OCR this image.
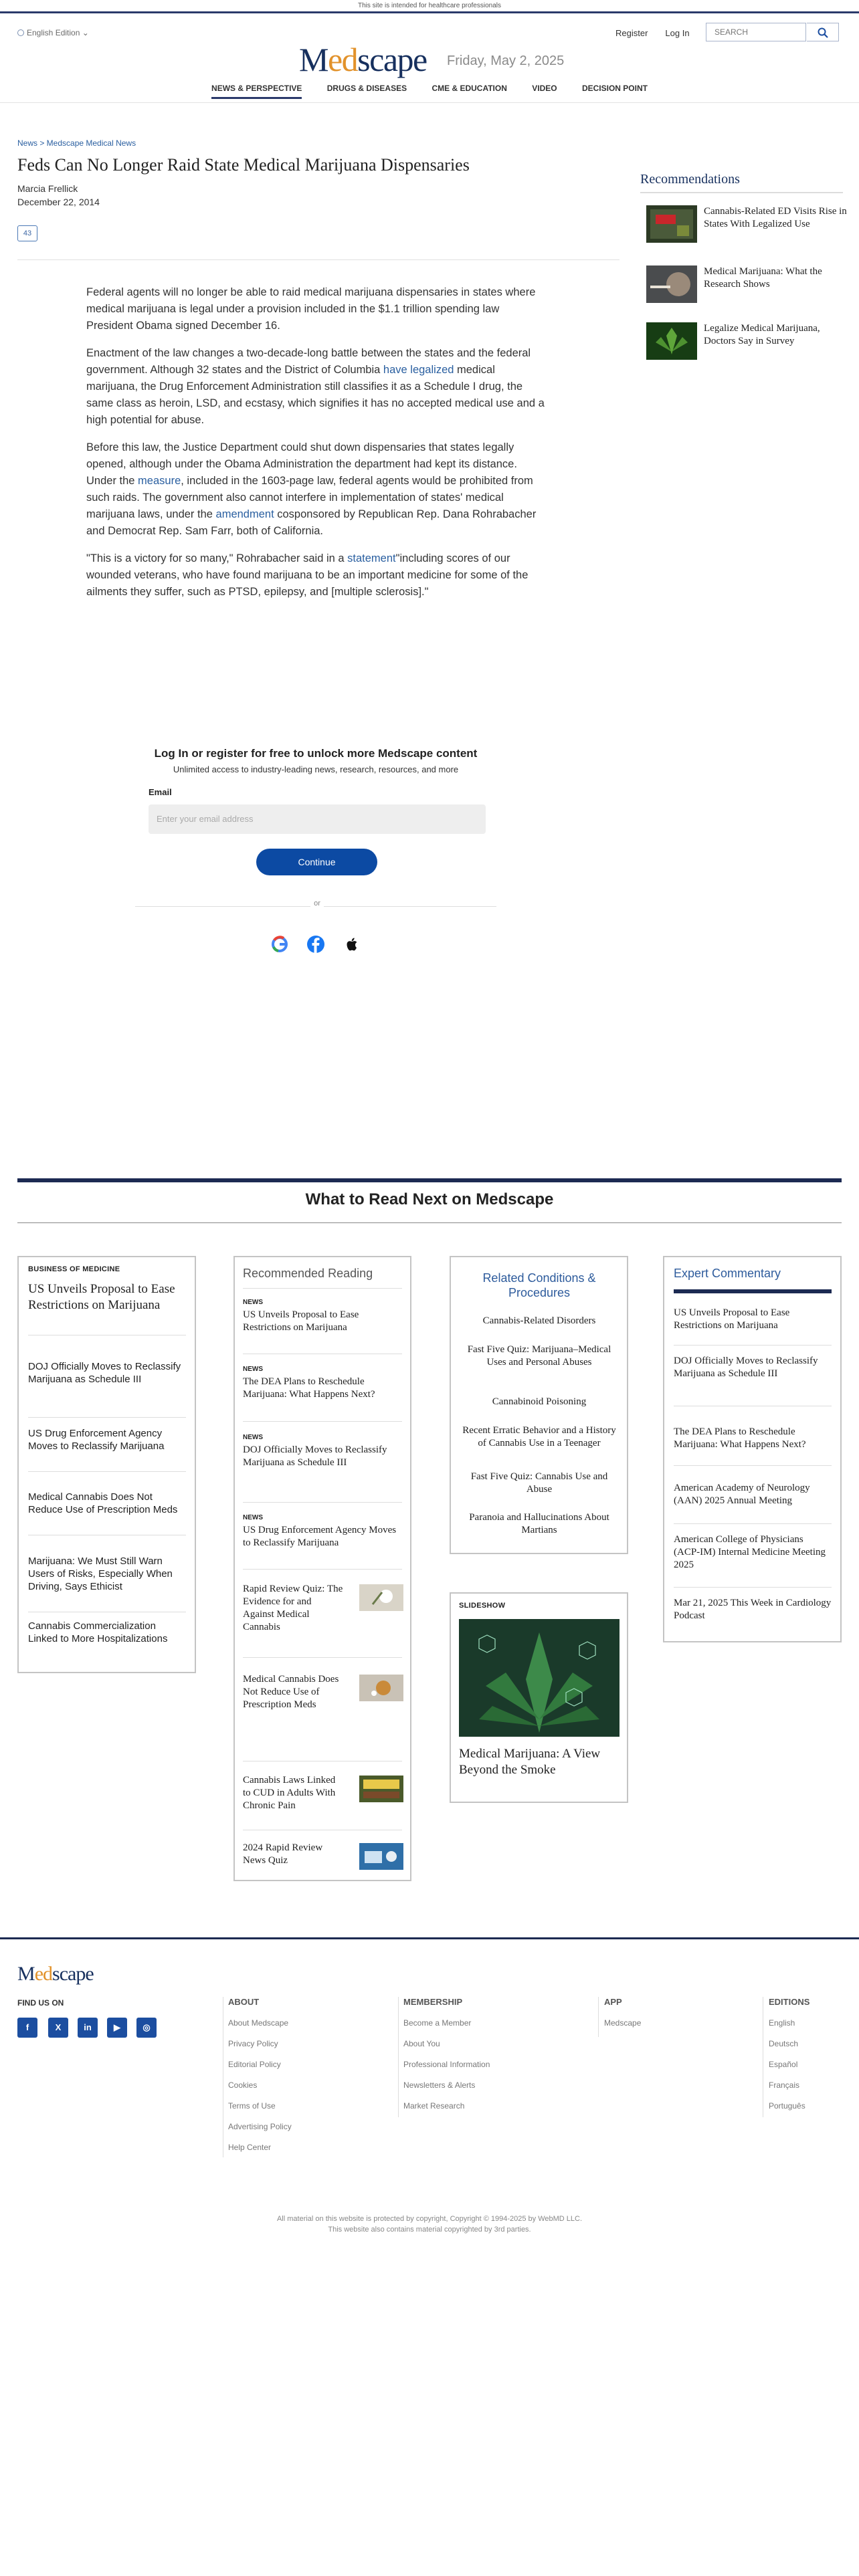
This site is intended for healthcare professionals
English Edition ⌄
Medscape Friday, May 2, 2025
Register Log In	SEARCH
NEWS & PERSPECTIVE	DRUGS & DISEASES	CME & EDUCATION	VIDEO	DECISION POINT
News > Medscape Medical News
Feds Can No Longer Raid State Medical Marijuana Dispensaries
Marcia Frellick
December 22, 2014
43

Federal agents will no longer be able to raid medical marijuana dispensaries in states where medical marijuana is legal under a provision included in the $1.1 trillion spending law President Obama signed December 16.

Enactment of the law changes a two-decade-long battle between the states and the federal government. Although 32 states and the District of Columbia have legalized medical marijuana, the Drug Enforcement Administration still classifies it as a Schedule I drug, the same class as heroin, LSD, and ecstasy, which signifies it has no accepted medical use and a high potential for abuse.

Before this law, the Justice Department could shut down dispensaries that states legally opened, although under the Obama Administration the department had kept its distance. Under the measure, included in the 1603-page law, federal agents would be prohibited from such raids. The government also cannot interfere in implementation of states' medical marijuana laws, under the amendment cosponsored by Republican Rep. Dana Rohrabacher and Democrat Rep. Sam Farr, both of California.

"This is a victory for so many," Rohrabacher said in a statement"including scores of our wounded veterans, who have found marijuana to be an important medicine for some of the ailments they suffer, such as PTSD, epilepsy, and [multiple sclerosis]."

Recommendations
Cannabis-Related ED Visits Rise in States With Legalized Use
Medical Marijuana: What the Research Shows
Legalize Medical Marijuana, Doctors Say in Survey
Log In or register for free to unlock more Medscape content
Unlimited access to industry-leading news, research, resources, and more
Email
Enter your email address
Continue
or
What to Read Next on Medscape
BUSINESS OF MEDICINE
US Unveils Proposal to Ease Restrictions on Marijuana
DOJ Officially Moves to Reclassify Marijuana as Schedule III
US Drug Enforcement Agency Moves to Reclassify Marijuana
Medical Cannabis Does Not Reduce Use of Prescription Meds
Marijuana: We Must Still Warn Users of Risks, Especially When Driving, Says Ethicist
Cannabis Commercialization Linked to More Hospitalizations
Recommended Reading
NEWS
US Unveils Proposal to Ease Restrictions on Marijuana
NEWS
The DEA Plans to Reschedule Marijuana: What Happens Next?
NEWS
DOJ Officially Moves to Reclassify Marijuana as Schedule III
NEWS
US Drug Enforcement Agency Moves to Reclassify Marijuana
Rapid Review Quiz: The Evidence for and Against Medical Cannabis
Medical Cannabis Does Not Reduce Use of Prescription Meds
Cannabis Laws Linked to CUD in Adults With Chronic Pain
2024 Rapid Review News Quiz
Related Conditions & Procedures
Cannabis-Related Disorders
Fast Five Quiz: Marijuana–Medical Uses and Personal Abuses
Cannabinoid Poisoning
Recent Erratic Behavior and a History of Cannabis Use in a Teenager
Fast Five Quiz: Cannabis Use and Abuse
Paranoia and Hallucinations About Martians
SLIDESHOW
Medical Marijuana: A View Beyond the Smoke
Expert Commentary
US Unveils Proposal to Ease Restrictions on Marijuana
DOJ Officially Moves to Reclassify Marijuana as Schedule III
The DEA Plans to Reschedule Marijuana: What Happens Next?
American Academy of Neurology (AAN) 2025 Annual Meeting
American College of Physicians (ACP-IM) Internal Medicine Meeting 2025
Mar 21, 2025 This Week in Cardiology Podcast
Medscape
FIND US ON
f	X	in	▶	◎
ABOUT
About Medscape
Privacy Policy
Editorial Policy
Cookies
Terms of Use
Advertising Policy
Help Center
MEMBERSHIP
Become a Member
About You
Professional Information
Newsletters & Alerts
Market Research
APP
Medscape
EDITIONS
English
Deutsch
Español
Français
Português
All material on this website is protected by copyright, Copyright © 1994-2025 by WebMD LLC.
This website also contains material copyrighted by 3rd parties.
